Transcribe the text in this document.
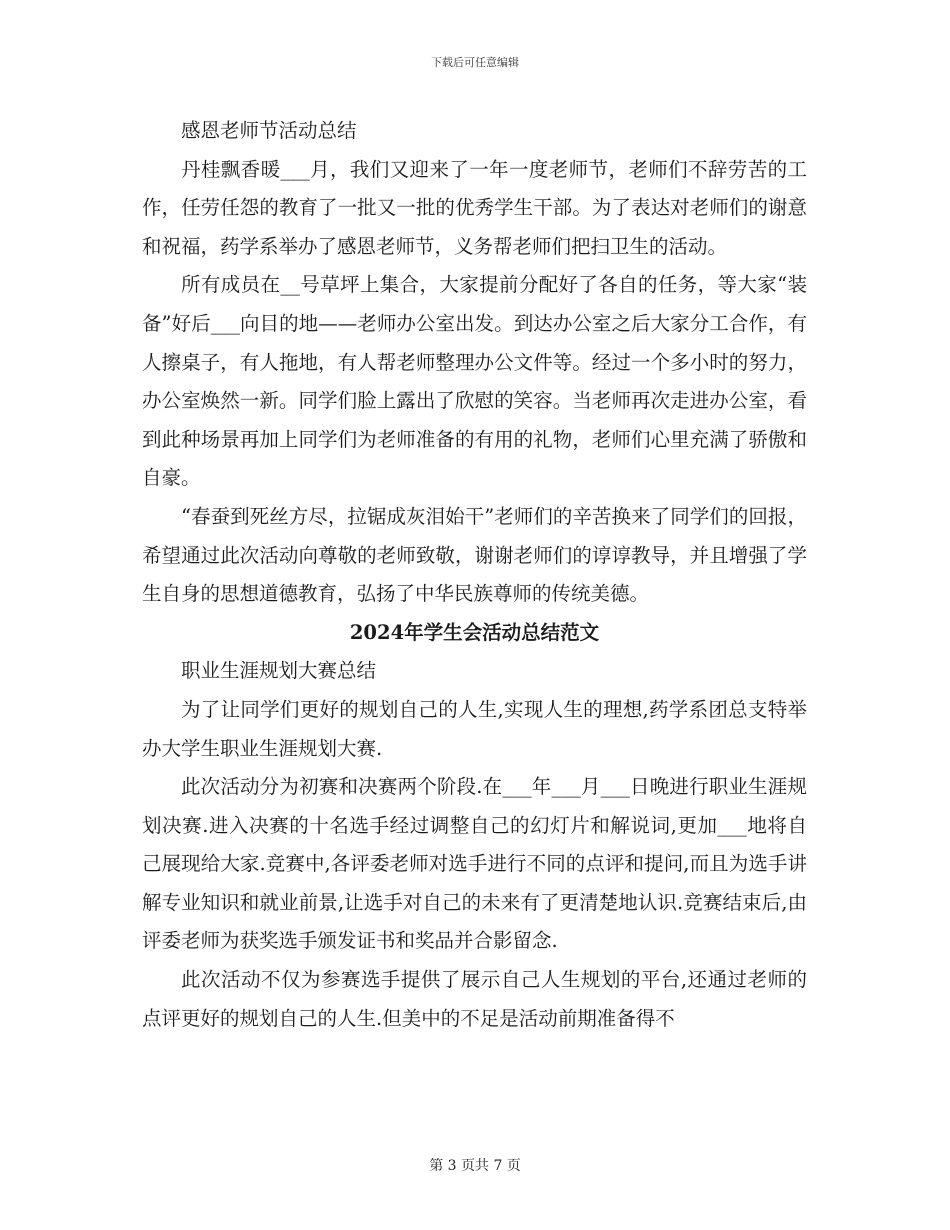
下载后可任意编辑

感恩老师节活动总结

丹桂飘香暖___月，我们又迎来了一年一度老师节，老师们不辞劳苦的工作，任劳任怨的教育了一批又一批的优秀学生干部。为了表达对老师们的谢意和祝福，药学系举办了感恩老师节，义务帮老师们把扫卫生的活动。

所有成员在__号草坪上集合，大家提前分配好了各自的任务，等大家“装备”好后___向目的地——老师办公室出发。到达办公室之后大家分工合作，有人擦桌子，有人拖地，有人帮老师整理办公文件等。经过一个多小时的努力，办公室焕然一新。同学们脸上露出了欣慰的笑容。当老师再次走进办公室，看到此种场景再加上同学们为老师准备的有用的礼物，老师们心里充满了骄傲和自豪。

“春蚕到死丝方尽，拉锯成灰泪始干”老师们的辛苦换来了同学们的回报，希望通过此次活动向尊敬的老师致敬，谢谢老师们的谆谆教导，并且增强了学生自身的思想道德教育，弘扬了中华民族尊师的传统美德。

2024年学生会活动总结范文

职业生涯规划大赛总结

为了让同学们更好的规划自己的人生,实现人生的理想,药学系团总支特举办大学生职业生涯规划大赛.

此次活动分为初赛和决赛两个阶段.在___年___月___日晚进行职业生涯规划决赛.进入决赛的十名选手经过调整自己的幻灯片和解说词,更加___地将自己展现给大家.竞赛中,各评委老师对选手进行不同的点评和提问,而且为选手讲解专业知识和就业前景,让选手对自己的未来有了更清楚地认识.竞赛结束后,由评委老师为获奖选手颁发证书和奖品并合影留念.

此次活动不仅为参赛选手提供了展示自己人生规划的平台,还通过老师的点评更好的规划自己的人生.但美中的不足是活动前期准备得不

第 3 页共 7 页
